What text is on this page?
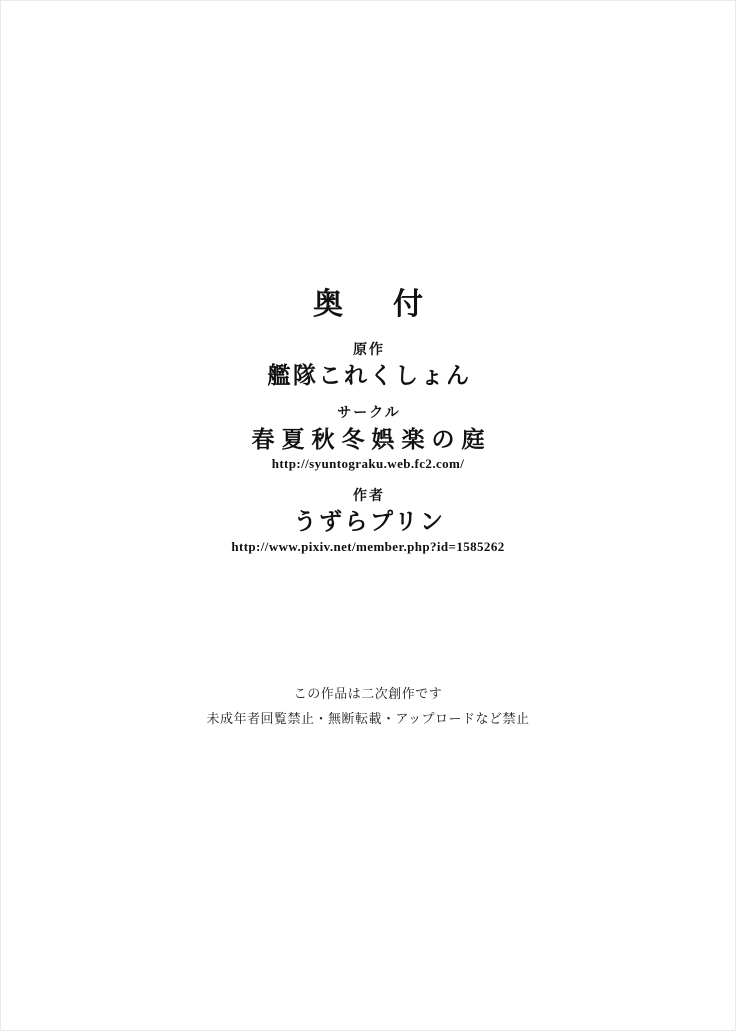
奥　付

原作

艦隊これくしょん

サークル

春夏秋冬娯楽の庭

http://syuntograku.web.fc2.com/

作者

うずらプリン

http://www.pixiv.net/member.php?id=1585262

この作品は二次創作です

未成年者回覧禁止・無断転載・アップロードなど禁止
